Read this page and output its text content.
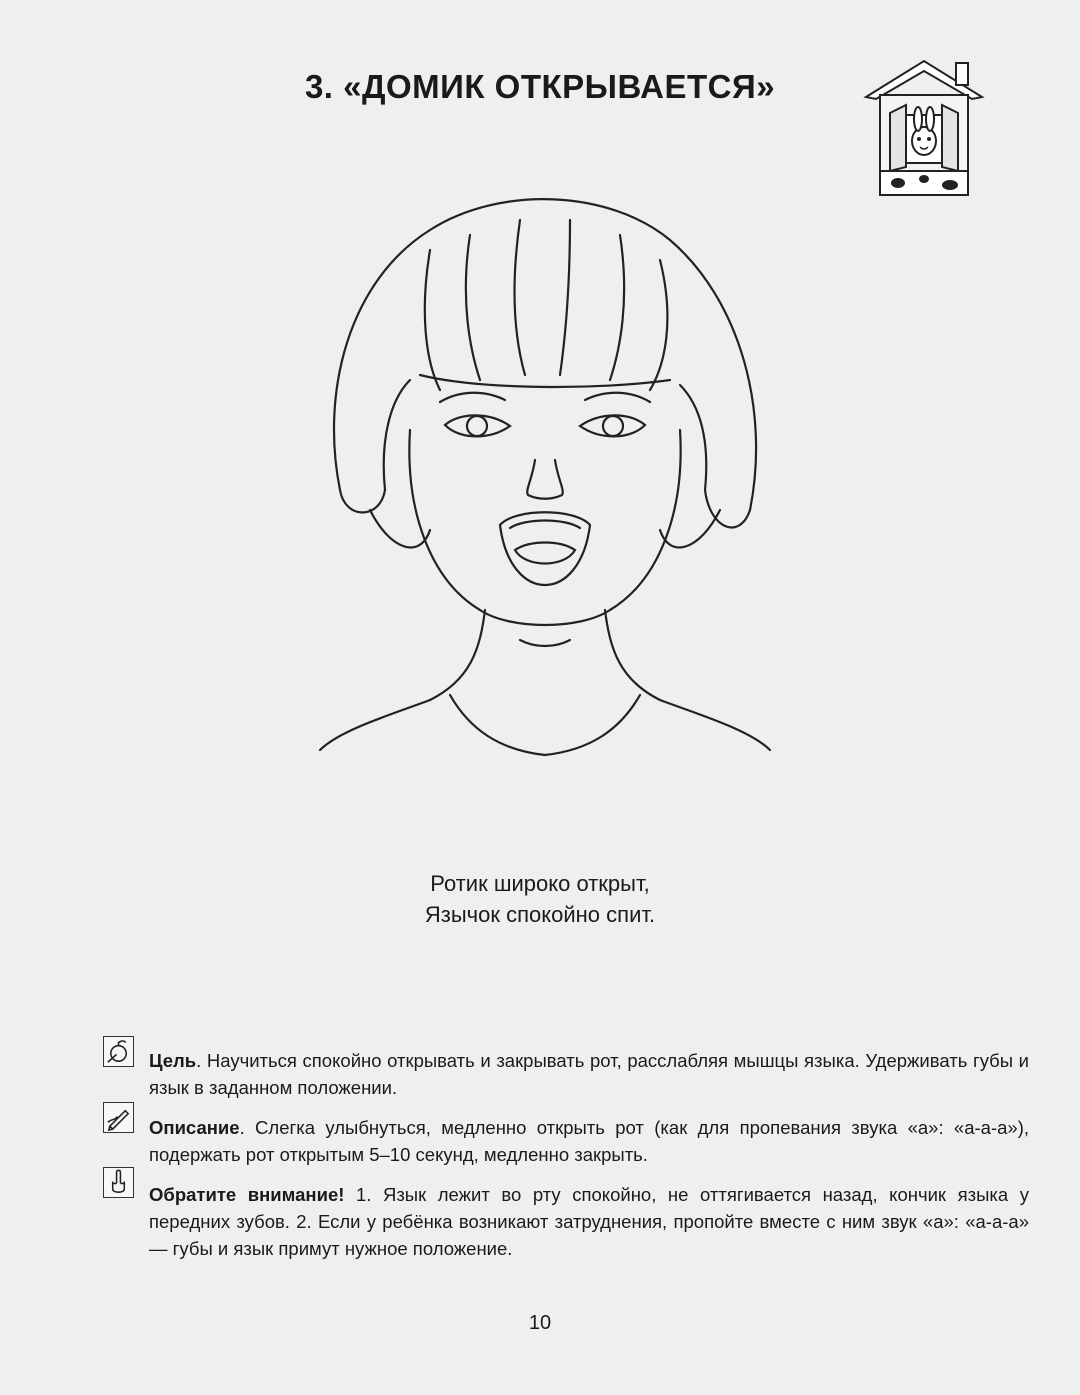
3. «ДОМИК ОТКРЫВАЕТСЯ»
Ротик широко открыт,
Язычок спокойно спит.
Цель. Научиться спокойно открывать и закрывать рот, расслабляя мышцы языка. Удерживать губы и язык в заданном положении.
Описание. Слегка улыбнуться, медленно открыть рот (как для пропевания звука «а»: «а-а-а»), подержать рот открытым 5–10 секунд, медленно закрыть.
Обратите внимание! 1. Язык лежит во рту спокойно, не оттягивается назад, кончик языка у передних зубов. 2. Если у ребёнка возникают затруднения, пропойте вместе с ним звук «а»: «а-а-а» — губы и язык примут нужное положение.
10
